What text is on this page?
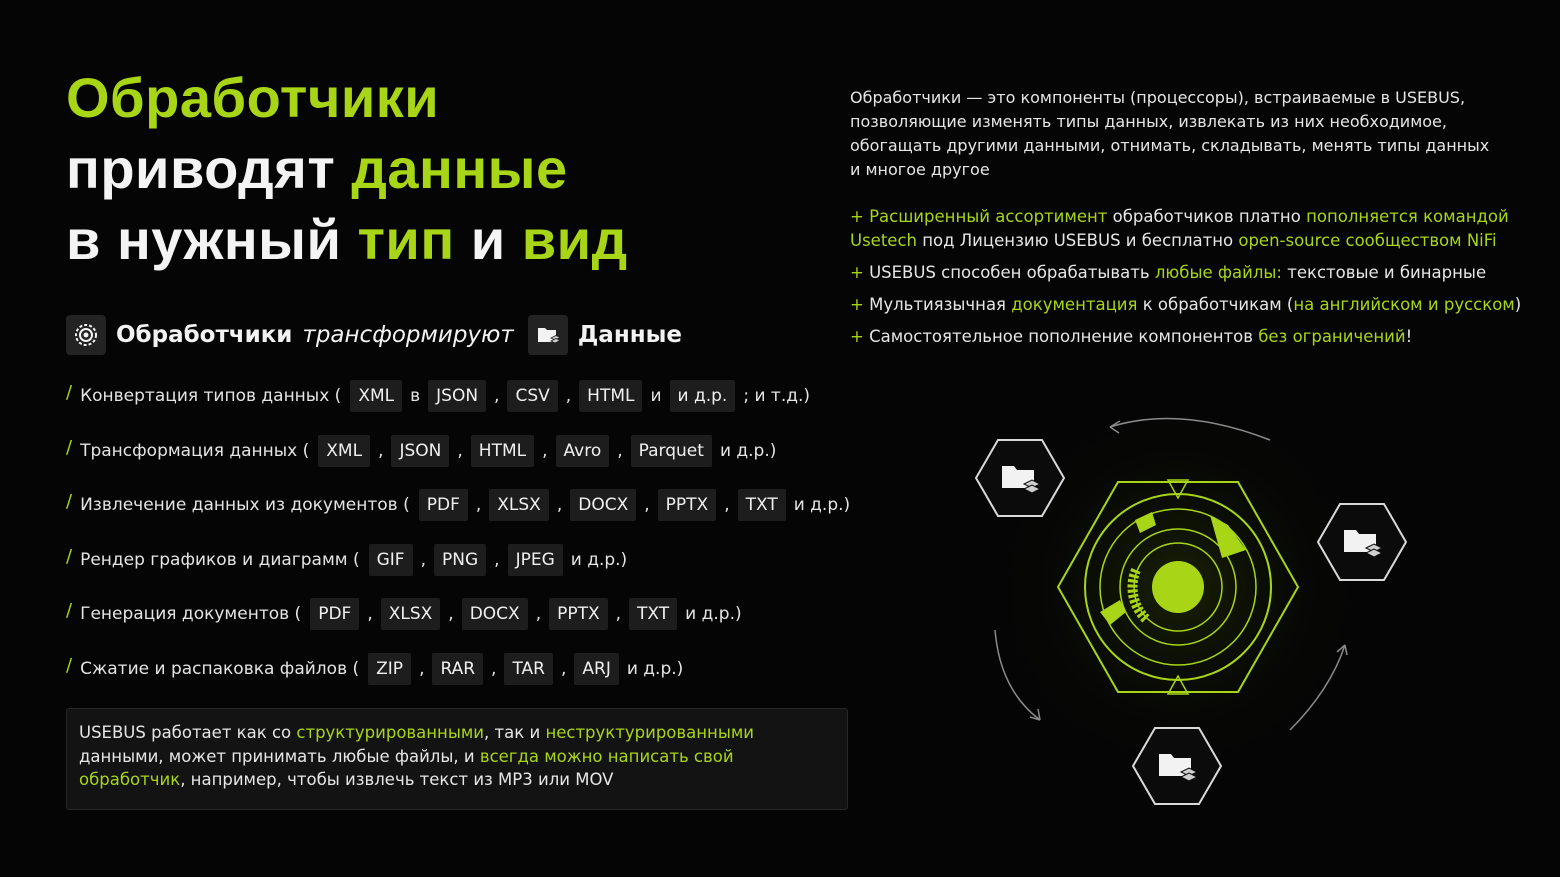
Обработчики
приводят данные
в нужный тип и вид
Обработчики трансформируют	Данные
/ Конвертация типов данных (	XML в JSON , CSV , HTML и и д.р. ; и т.д.)
/ Трансформация данных (	XML , JSON , HTML , Avro , Parquet и д.р.)
/ Извлечение данных из документов (	PDF , XLSX , DOCX , PPTX , TXT и д.р.)
/ Рендер графиков и диаграмм (	GIF , PNG , JPEG и д.р.)
/ Генерация документов (	PDF , XLSX , DOCX , PPTX , TXT и д.р.)
/ Сжатие и распаковка файлов (	ZIP , RAR , TAR , ARJ и д.р.)
USEBUS работает как со структурированными, так и неструктурированными данными, может принимать любые файлы, и всегда можно написать свой обработчик, например, чтобы извлечь текст из MP3 или MOV
Обработчики — это компоненты (процессоры), встраиваемые в USEBUS, позволяющие изменять типы данных, извлекать из них необходимое, обогащать другими данными, отнимать, складывать, менять типы данных и многое другое
+ Расширенный ассортимент обработчиков платно пополняется командой Usetech под Лицензию USEBUS и бесплатно open-source сообществом NiFi
+ USEBUS способен обрабатывать любые файлы: текстовые и бинарные
+ Мультиязычная документация к обработчикам (на английском и русском)
+ Самостоятельное пополнение компонентов без ограничений!
